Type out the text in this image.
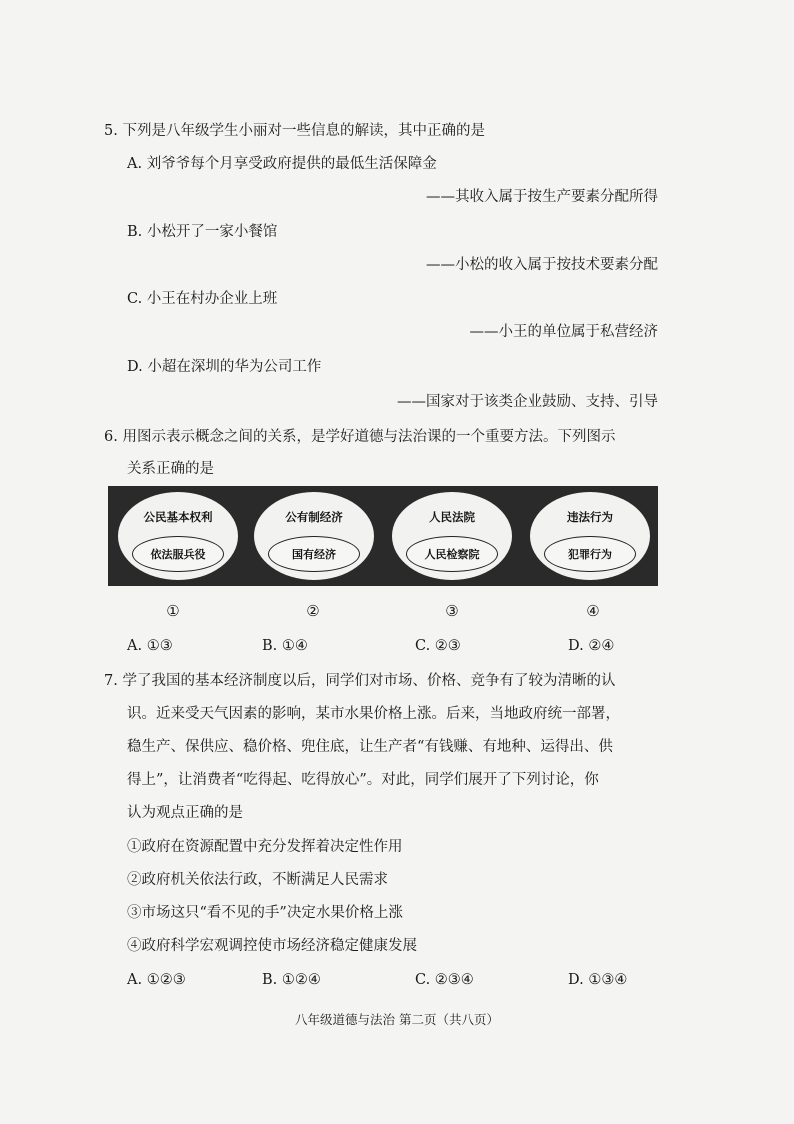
5. 下列是八年级学生小丽对一些信息的解读，其中正确的是
A. 刘爷爷每个月享受政府提供的最低生活保障金
——其收入属于按生产要素分配所得
B. 小松开了一家小餐馆
——小松的收入属于按技术要素分配
C. 小王在村办企业上班
——小王的单位属于私营经济
D. 小超在深圳的华为公司工作
——国家对于该类企业鼓励、支持、引导
6. 用图示表示概念之间的关系，是学好道德与法治课的一个重要方法。下列图示
关系正确的是
公民基本权利
依法服兵役
公有制经济
国有经济
人民法院
人民检察院
违法行为
犯罪行为
①	②	③	④
A. ①③	B. ①④	C. ②③	D. ②④
7. 学了我国的基本经济制度以后，同学们对市场、价格、竞争有了较为清晰的认
识。近来受天气因素的影响，某市水果价格上涨。后来，当地政府统一部署，
稳生产、保供应、稳价格、兜住底，让生产者“有钱赚、有地种、运得出、供
得上”，让消费者“吃得起、吃得放心”。对此，同学们展开了下列讨论，你
认为观点正确的是
①政府在资源配置中充分发挥着决定性作用
②政府机关依法行政，不断满足人民需求
③市场这只“看不见的手”决定水果价格上涨
④政府科学宏观调控使市场经济稳定健康发展
A. ①②③	B. ①②④	C. ②③④	D. ①③④
八年级道德与法治 第二页（共八页）
